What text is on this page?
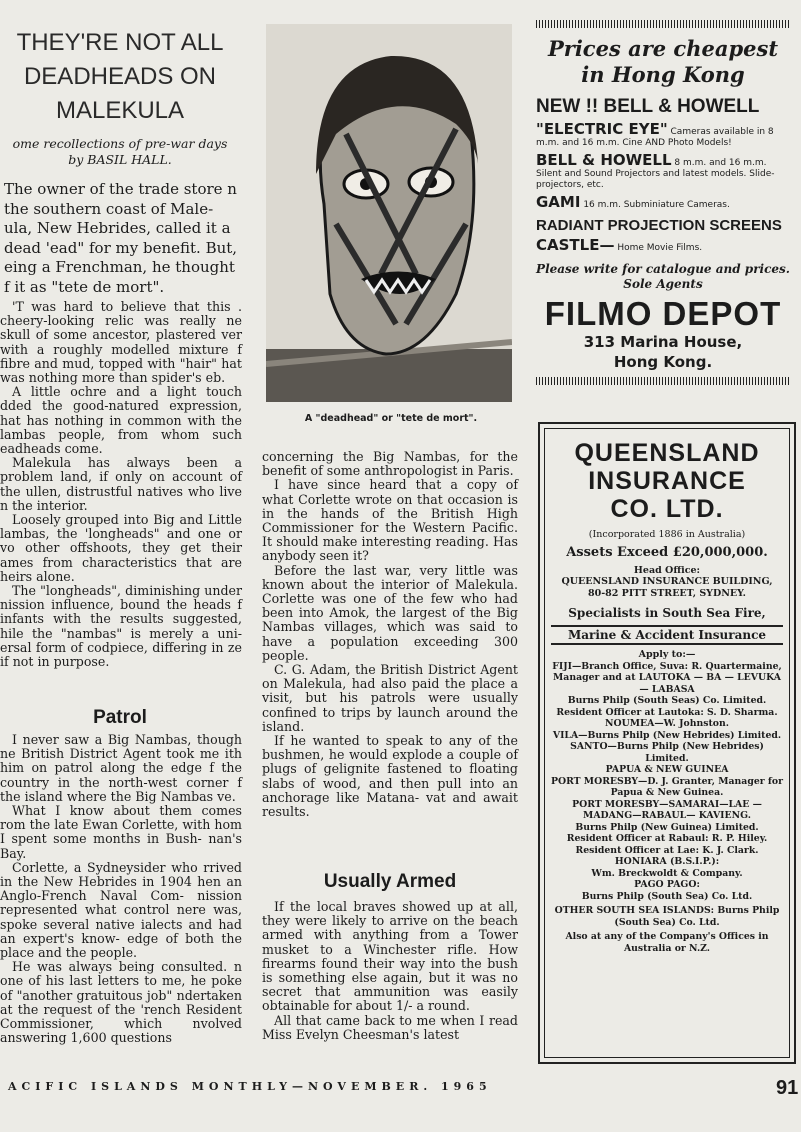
THEY'RE NOT ALL
DEADHEADS ON
MALEKULA
ome recollections of pre-war days
by BASIL HALL.

The owner of the trade store n the southern coast of Male- ula, New Hebrides, called it a dead 'ead" for my benefit. But, eing a Frenchman, he thought f it as "tete de mort".

'T was hard to believe that this . cheery-looking relic was really ne skull of some ancestor, plastered ver with a roughly modelled mixture f fibre and mud, topped with "hair" hat was nothing more than spider's eb.

A little ochre and a light touch dded the good-natured expression, hat has nothing in common with the lambas people, from whom such eadheads come.

Malekula has always been a problem land, if only on account of the ullen, distrustful natives who live n the interior.

Loosely grouped into Big and Little lambas, the 'longheads" and one or vo other offshoots, they get their ames from characteristics that are heirs alone.

The "longheads", diminishing under nission influence, bound the heads f infants with the results suggested, hile the "nambas" is merely a uni- ersal form of codpiece, differing in ze if not in purpose.

Patrol

I never saw a Big Nambas, though ne British District Agent took me ith him on patrol along the edge f the country in the north-west corner f the island where the Big Nambas ve.

What I know about them comes rom the late Ewan Corlette, with hom I spent some months in Bush- nan's Bay.

Corlette, a Sydneysider who rrived in the New Hebrides in 1904 hen an Anglo-French Naval Com- nission represented what control nere was, spoke several native ialects and had an expert's know- edge of both the place and the people.

He was always being consulted. n one of his last letters to me, he poke of "another gratuitous job" ndertaken at the request of the 'rench Resident Commissioner, which nvolved answering 1,600 questions

A "deadhead" or "tete de mort".

concerning the Big Nambas, for the benefit of some anthropologist in Paris.

I have since heard that a copy of what Corlette wrote on that occasion is in the hands of the British High Commissioner for the Western Pacific. It should make interesting reading. Has anybody seen it?

Before the last war, very little was known about the interior of Malekula. Corlette was one of the few who had been into Amok, the largest of the Big Nambas villages, which was said to have a population exceeding 300 people.

C. G. Adam, the British District Agent on Malekula, had also paid the place a visit, but his patrols were usually confined to trips by launch around the island.

If he wanted to speak to any of the bushmen, he would explode a couple of plugs of gelignite fastened to floating slabs of wood, and then pull into an anchorage like Matana- vat and await results.

Usually Armed

If the local braves showed up at all, they were likely to arrive on the beach armed with anything from a Tower musket to a Winchester rifle. How firearms found their way into the bush is something else again, but it was no secret that ammunition was easily obtainable for about 1/- a round.

All that came back to me when I read Miss Evelyn Cheesman's latest

Prices are cheapest
in Hong Kong
NEW !! BELL & HOWELL
"ELECTRIC EYE" Cameras available in 8 m.m. and 16 m.m. Cine AND Photo Models!
BELL & HOWELL 8 m.m. and 16 m.m. Silent and Sound Projectors and latest models. Slide-projectors, etc.
GAMI 16 m.m. Subminiature Cameras.
RADIANT PROJECTION SCREENS
CASTLE— Home Movie Films.
Please write for catalogue and prices.
Sole Agents
FILMO DEPOT
313 Marina House,
Hong Kong.
QUEENSLAND
INSURANCE
CO. LTD.
(Incorporated 1886 in Australia)
Assets Exceed £20,000,000.
Head Office:
QUEENSLAND INSURANCE BUILDING, 80-82 PITT STREET, SYDNEY.
Specialists in South Sea Fire,
Marine & Accident Insurance
Apply to:—
FIJI—Branch Office, Suva: R. Quartermaine, Manager and at LAUTOKA — BA — LEVUKA — LABASA
Burns Philp (South Seas) Co. Limited.
Resident Officer at Lautoka: S. D. Sharma.
NOUMEA—W. Johnston.
VILA—Burns Philp (New Hebrides) Limited.
SANTO—Burns Philp (New Hebrides) Limited.
PAPUA & NEW GUINEA
PORT MORESBY—D. J. Granter, Manager for Papua & New Guinea.
PORT MORESBY—SAMARAI—LAE —MADANG—RABAUL— KAVIENG.
Burns Philp (New Guinea) Limited.
Resident Officer at Rabaul: R. P. Hiley.
Resident Officer at Lae: K. J. Clark.
HONIARA (B.S.I.P.):
Wm. Breckwoldt & Company.
PAGO PAGO:
Burns Philp (South Sea) Co. Ltd.
OTHER SOUTH SEA ISLANDS: Burns Philp (South Sea) Co. Ltd.
Also at any of the Company's Offices in Australia or N.Z.
ACIFIC ISLANDS MONTHLY—NOVEMBER. 1965	91
